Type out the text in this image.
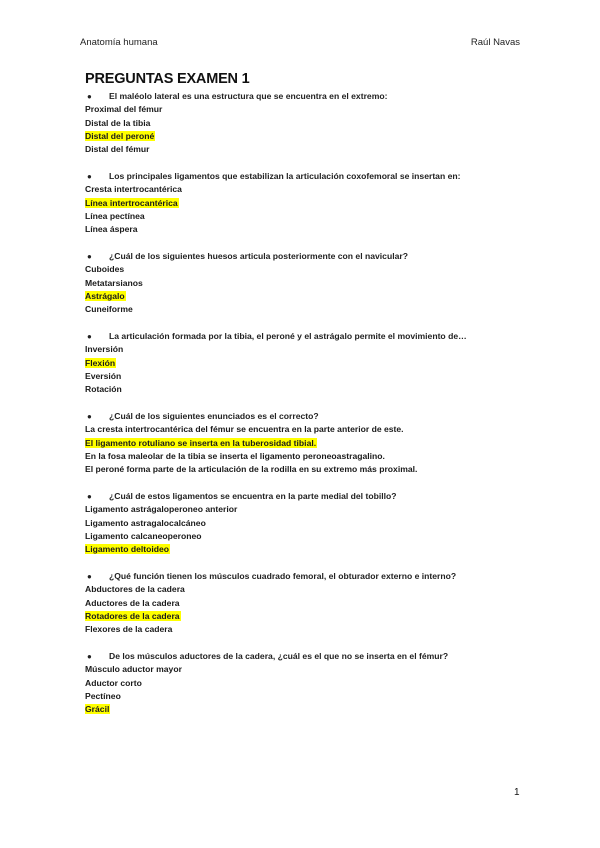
Anatomía humana	Raúl Navas
PREGUNTAS EXAMEN 1
● El maléolo lateral es una estructura que se encuentra en el extremo:
Proximal del fémur
Distal de la tibia
Distal del peroné
Distal del fémur
● Los principales ligamentos que estabilizan la articulación coxofemoral se insertan en:
Cresta intertrocantérica
Línea intertrocantérica
Línea pectínea
Línea áspera
● ¿Cuál de los siguientes huesos articula posteriormente con el navicular?
Cuboides
Metatarsianos
Astrágalo
Cuneiforme
● La articulación formada por la tibia, el peroné y el astrágalo permite el movimiento de…
Inversión
Flexión
Eversión
Rotación
● ¿Cuál de los siguientes enunciados es el correcto?
La cresta intertrocantérica del fémur se encuentra en la parte anterior de este.
El ligamento rotuliano se inserta en la tuberosidad tibial.
En la fosa maleolar de la tibia se inserta el ligamento peroneoastragalino.
El peroné forma parte de la articulación de la rodilla en su extremo más proximal.
● ¿Cuál de estos ligamentos se encuentra en la parte medial del tobillo?
Ligamento astrágaloperoneo anterior
Ligamento astragalocalcáneo
Ligamento calcaneoperoneo
Ligamento deltoideo
● ¿Qué función tienen los músculos cuadrado femoral, el obturador externo e interno?
Abductores de la cadera
Aductores de la cadera
Rotadores de la cadera
Flexores de la cadera
● De los músculos aductores de la cadera, ¿cuál es el que no se inserta en el fémur?
Músculo aductor mayor
Aductor corto
Pectíneo
Grácil
1
